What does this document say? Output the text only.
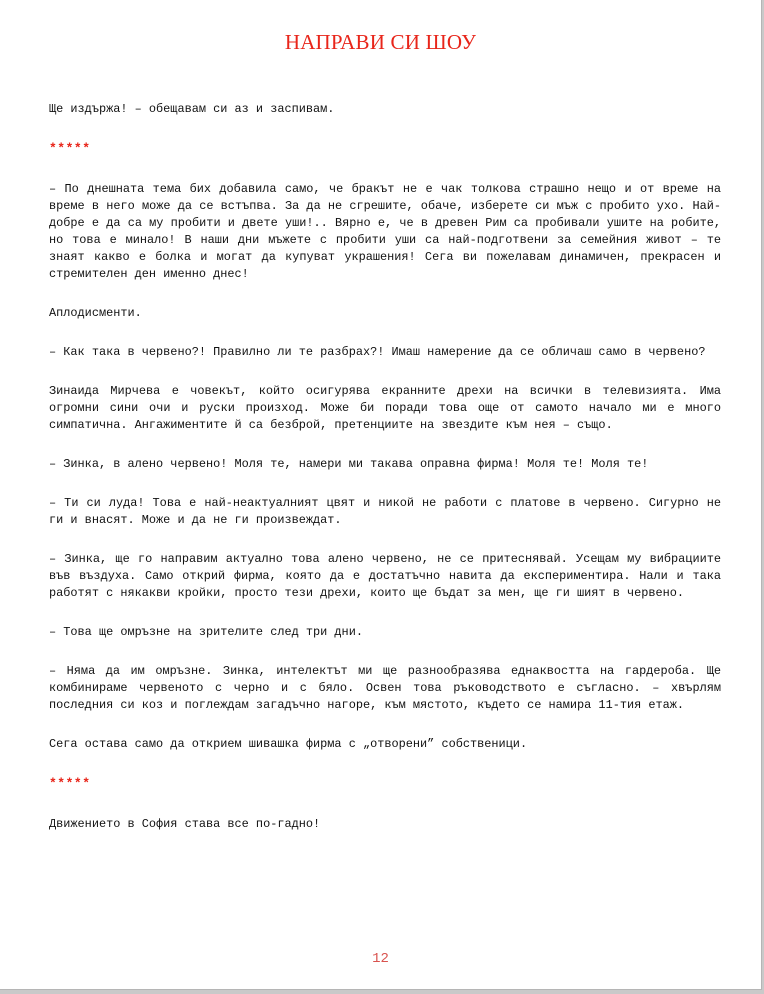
НАПРАВИ СИ ШОУ

Ще издържа! – обещавам си аз и заспивам.

*****

– По днешната тема бих добавила само, че бракът не е чак толкова страшно нещо и от време на време в него може да се встъпва. За да не сгрешите, обаче, изберете си мъж с пробито ухо. Най-добре е да са му пробити и двете уши!.. Вярно е, че в древен Рим са пробивали ушите на робите, но това е минало! В наши дни мъжете с пробити уши са най-подготвени за семейния живот – те знаят какво е болка и могат да купуват украшения! Сега ви пожелавам динамичен, прекрасен и стремителен ден именно днес!

Аплодисменти.

– Как така в червено?! Правилно ли те разбрах?! Имаш намерение да се обличаш само в червено?

Зинаида Мирчева е човекът, който осигурява екранните дрехи на всички в телевизията. Има огромни сини очи и руски произход. Може би поради това още от самото начало ми е много симпатична. Ангажиментите й са безброй, претенциите на звездите към нея – също.

– Зинка, в алено червено! Моля те, намери ми такава оправна фирма! Моля те! Моля те!

– Ти си луда! Това е най-неактуалният цвят и никой не работи с платове в червено. Сигурно не ги и внасят. Може и да не ги произвеждат.

– Зинка, ще го направим актуално това алено червено, не се притеснявай. Усещам му вибрациите във въздуха. Само открий фирма, която да е достатъчно навита да експериментира. Нали и така работят с някакви кройки, просто тези дрехи, които ще бъдат за мен, ще ги шият в червено.

– Това ще омръзне на зрителите след три дни.

– Няма да им омръзне. Зинка, интелектът ми ще разнообразява еднаквостта на гардероба. Ще комбинираме червеното с черно и с бяло. Освен това ръководството е съгласно. – хвърлям последния си коз и поглеждам загадъчно нагоре, към мястото, където се намира 11-тия етаж.

Сега остава само да открием шивашка фирма с „отворени” собственици.

*****

Движението в София става все по-гадно!

12
